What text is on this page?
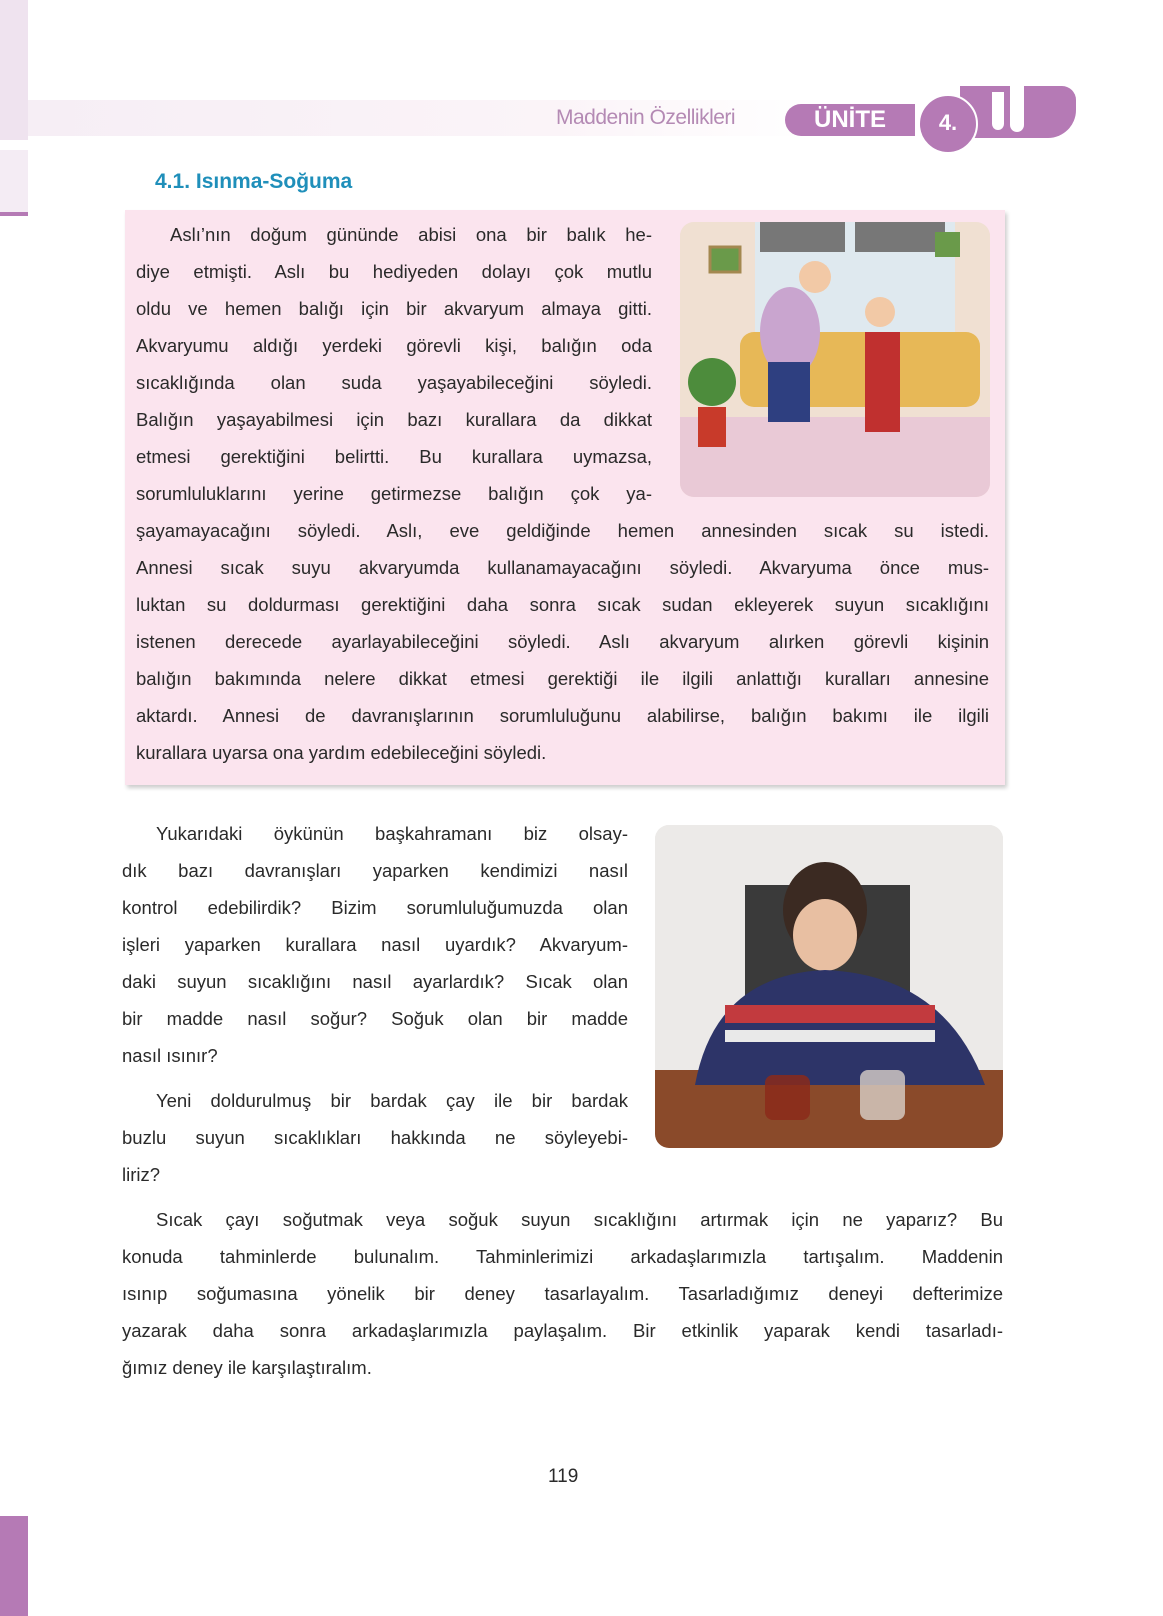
Maddenin Özellikleri	ÜNİTE	4.
4.1. Isınma-Soğuma
Aslı’nın doğum gününde abisi ona bir balık he-
diye etmişti. Aslı bu hediyeden dolayı çok mutlu
oldu ve hemen balığı için bir akvaryum almaya gitti.
Akvaryumu aldığı yerdeki görevli kişi, balığın oda
sıcaklığında olan suda yaşayabileceğini söyledi.
Balığın yaşayabilmesi için bazı kurallara da dikkat
etmesi gerektiğini belirtti. Bu kurallara uymazsa,
sorumluluklarını yerine getirmezse balığın çok ya-
şayamayacağını söyledi. Aslı, eve geldiğinde hemen annesinden sıcak su istedi.
Annesi sıcak suyu akvaryumda kullanamayacağını söyledi. Akvaryuma önce mus-
luktan su doldurması gerektiğini daha sonra sıcak sudan ekleyerek suyun sıcaklığını
istenen derecede ayarlayabileceğini söyledi. Aslı akvaryum alırken görevli kişinin
balığın bakımında nelere dikkat etmesi gerektiği ile ilgili anlattığı kuralları annesine
aktardı. Annesi de davranışlarının sorumluluğunu alabilirse, balığın bakımı ile ilgili
kurallara uyarsa ona yardım edebileceğini söyledi.
Yukarıdaki öykünün başkahramanı biz olsay-
dık bazı davranışları yaparken kendimizi nasıl
kontrol edebilirdik? Bizim sorumluluğumuzda olan
işleri yaparken kurallara nasıl uyardık? Akvaryum-
daki suyun sıcaklığını nasıl ayarlardık? Sıcak olan
bir madde nasıl soğur? Soğuk olan bir madde
nasıl ısınır?
Yeni doldurulmuş bir bardak çay ile bir bardak
buzlu suyun sıcaklıkları hakkında ne söyleyebi-
liriz?
Sıcak çayı soğutmak veya soğuk suyun sıcaklığını artırmak için ne yaparız? Bu
konuda tahminlerde bulunalım. Tahminlerimizi arkadaşlarımızla tartışalım. Maddenin
ısınıp soğumasına yönelik bir deney tasarlayalım. Tasarladığımız deneyi defterimize
yazarak daha sonra arkadaşlarımızla paylaşalım. Bir etkinlik yaparak kendi tasarladı-
ğımız deney ile karşılaştıralım.
119
